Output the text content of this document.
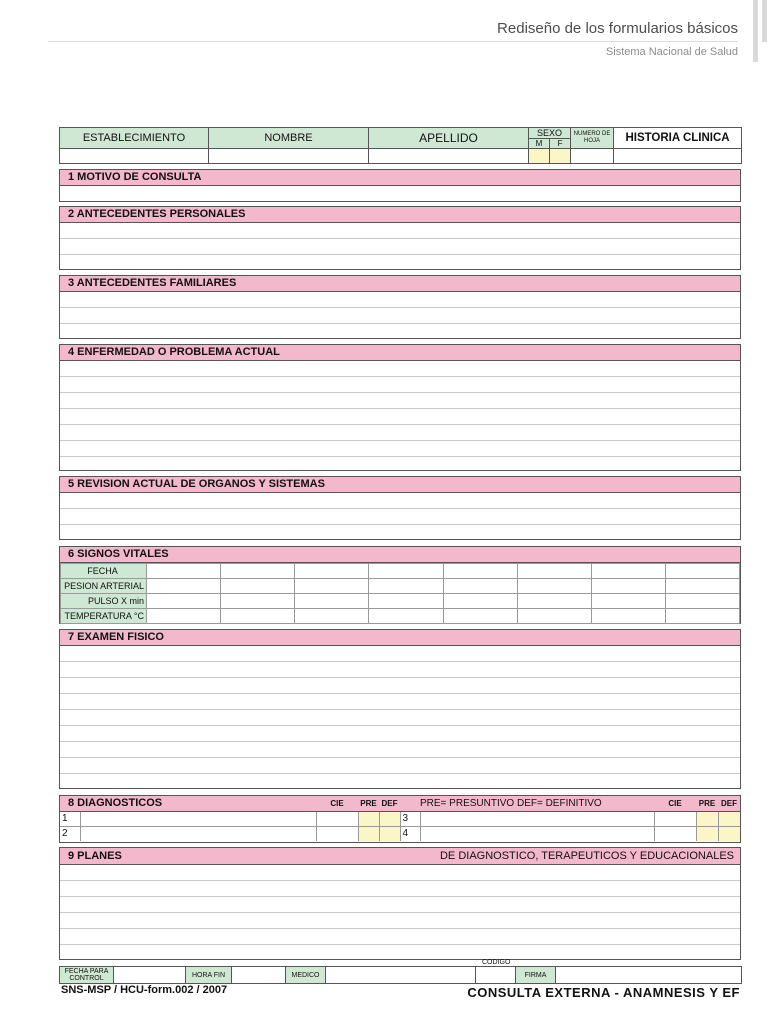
Rediseño de los formularios básicos
Sistema Nacional de Salud
ESTABLECIMIENTO	NOMBRE	APELLIDO	SEXO		NUMERO DE HOJA	HISTORIA CLINICA
			M	F		

1 MOTIVO DE CONSULTA
2 ANTECEDENTES PERSONALES
3 ANTECEDENTES FAMILIARES
4 ENFERMEDAD O PROBLEMA ACTUAL
5 REVISION ACTUAL DE ORGANOS Y SISTEMAS
6 SIGNOS VITALES
FECHA								
PESION ARTERIAL								
PULSO X min								
TEMPERATURA °C								
7 EXAMEN FISICO
8 DIAGNOSTICOS		CIE	PRE	DEF	PRE= PRESUNTIVO DEF= DEFINITIVO		CIE	PRE	DEF
1					3				
2					4				
9 PLANES	DE DIAGNOSTICO, TERAPEUTICOS Y EDUCACIONALES
CODIGO
FECHA PARA CONTROL		HORA FIN		MEDICO			FIRMA	
SNS-MSP / HCU-form.002 / 2007	CONSULTA EXTERNA - ANAMNESIS Y EF
